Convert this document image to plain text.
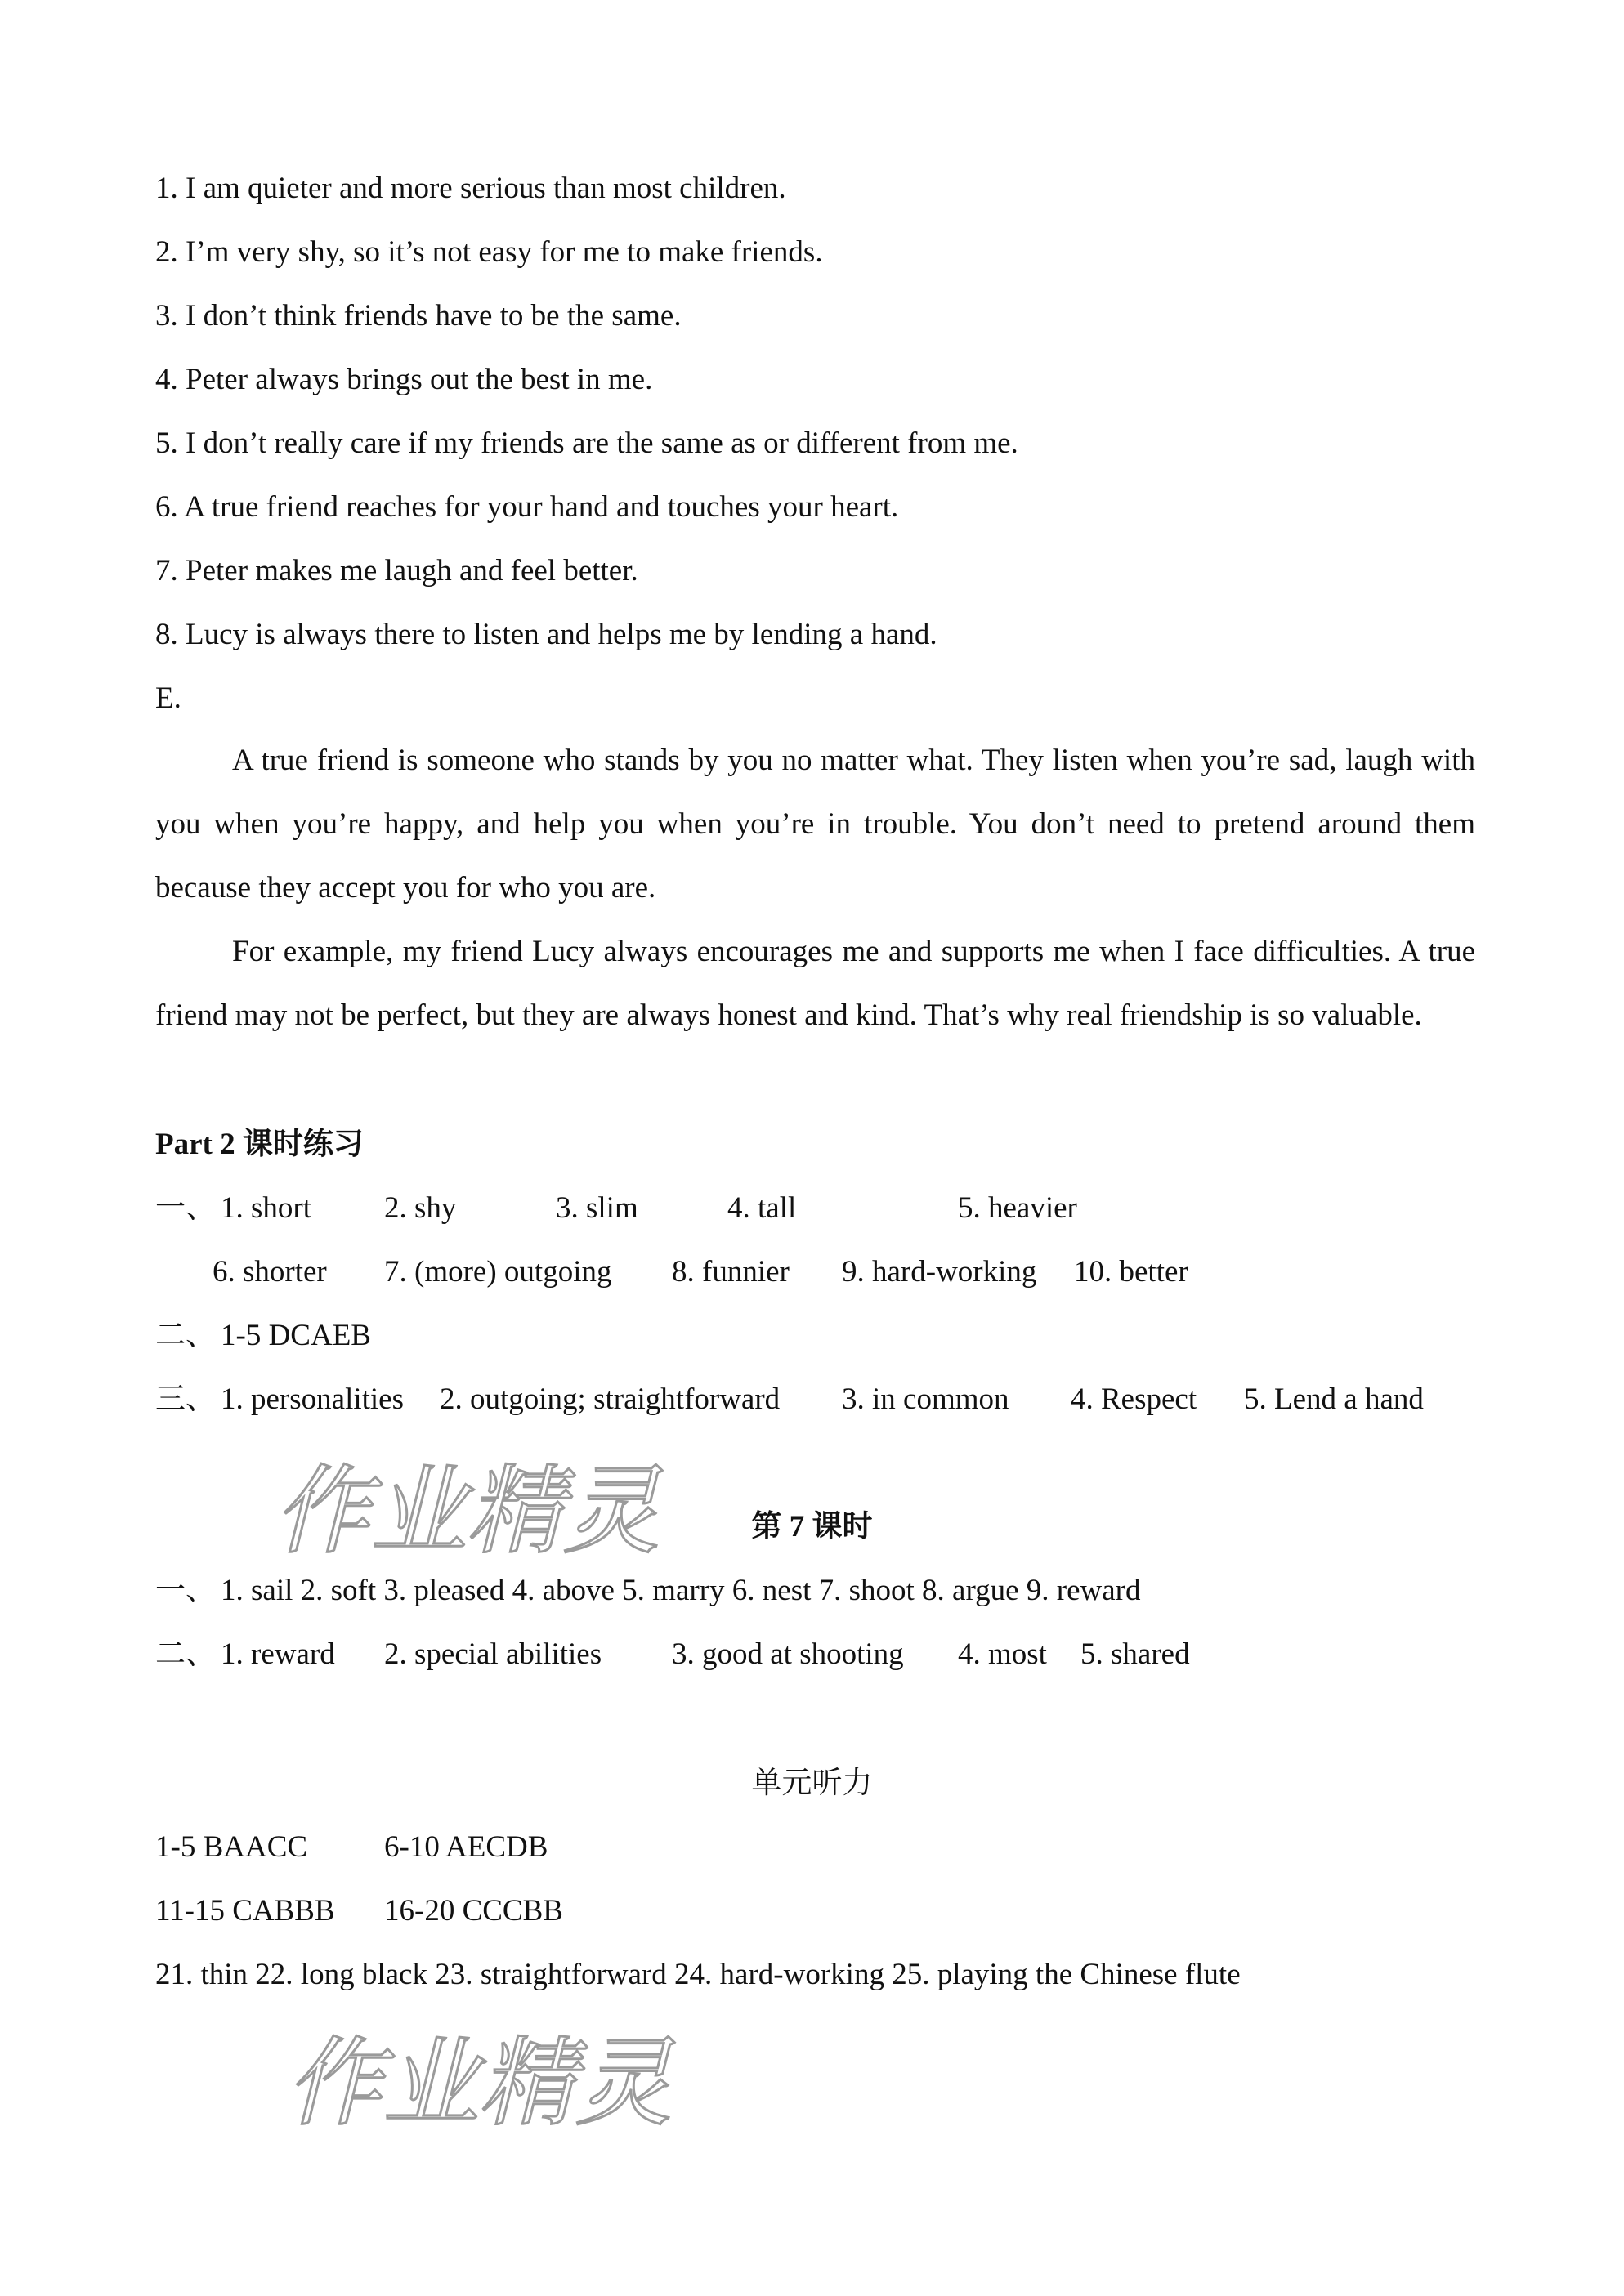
1. I am quieter and more serious than most children.
2. I’m very shy, so it’s not easy for me to make friends.
3. I don’t think friends have to be the same.
4. Peter always brings out the best in me.
5. I don’t really care if my friends are the same as or different from me.
6. A true friend reaches for your hand and touches your heart.
7. Peter makes me laugh and feel better.
8. Lucy is always there to listen and helps me by lending a hand.
E.
A true friend is someone who stands by you no matter what. They listen when you’re sad, laugh with you when you’re happy, and help you when you’re in trouble. You don’t need to pretend around them because they accept you for who you are.
For example, my friend Lucy always encourages me and supports me when I face difficulties. A true friend may not be perfect, but they are always honest and kind. That’s why real friendship is so valuable.
Part 2 课时练习
一、 1. short 2. shy	3. slim	4. tall	5. heavier
6. shorter 7. (more) outgoing 8. funnier 9. hard-working 10. better
二、 1-5 DCAEB
三、 1. personalities 2. outgoing; straightforward 3. in common 4. Respect 5. Lend a hand
作业精灵	第 7 课时
一、 1. sail 2. soft 3. pleased 4. above 5. marry 6. nest 7. shoot 8. argue 9. reward
二、 1. reward 2. special abilities 3. good at shooting 4. most 5. shared
单元听力
1-5 BAACC	6-10 AECDB
11-15 CABBB 16-20 CCCBB
21. thin 22. long black 23. straightforward 24. hard-working 25. playing the Chinese flute
作业精灵
